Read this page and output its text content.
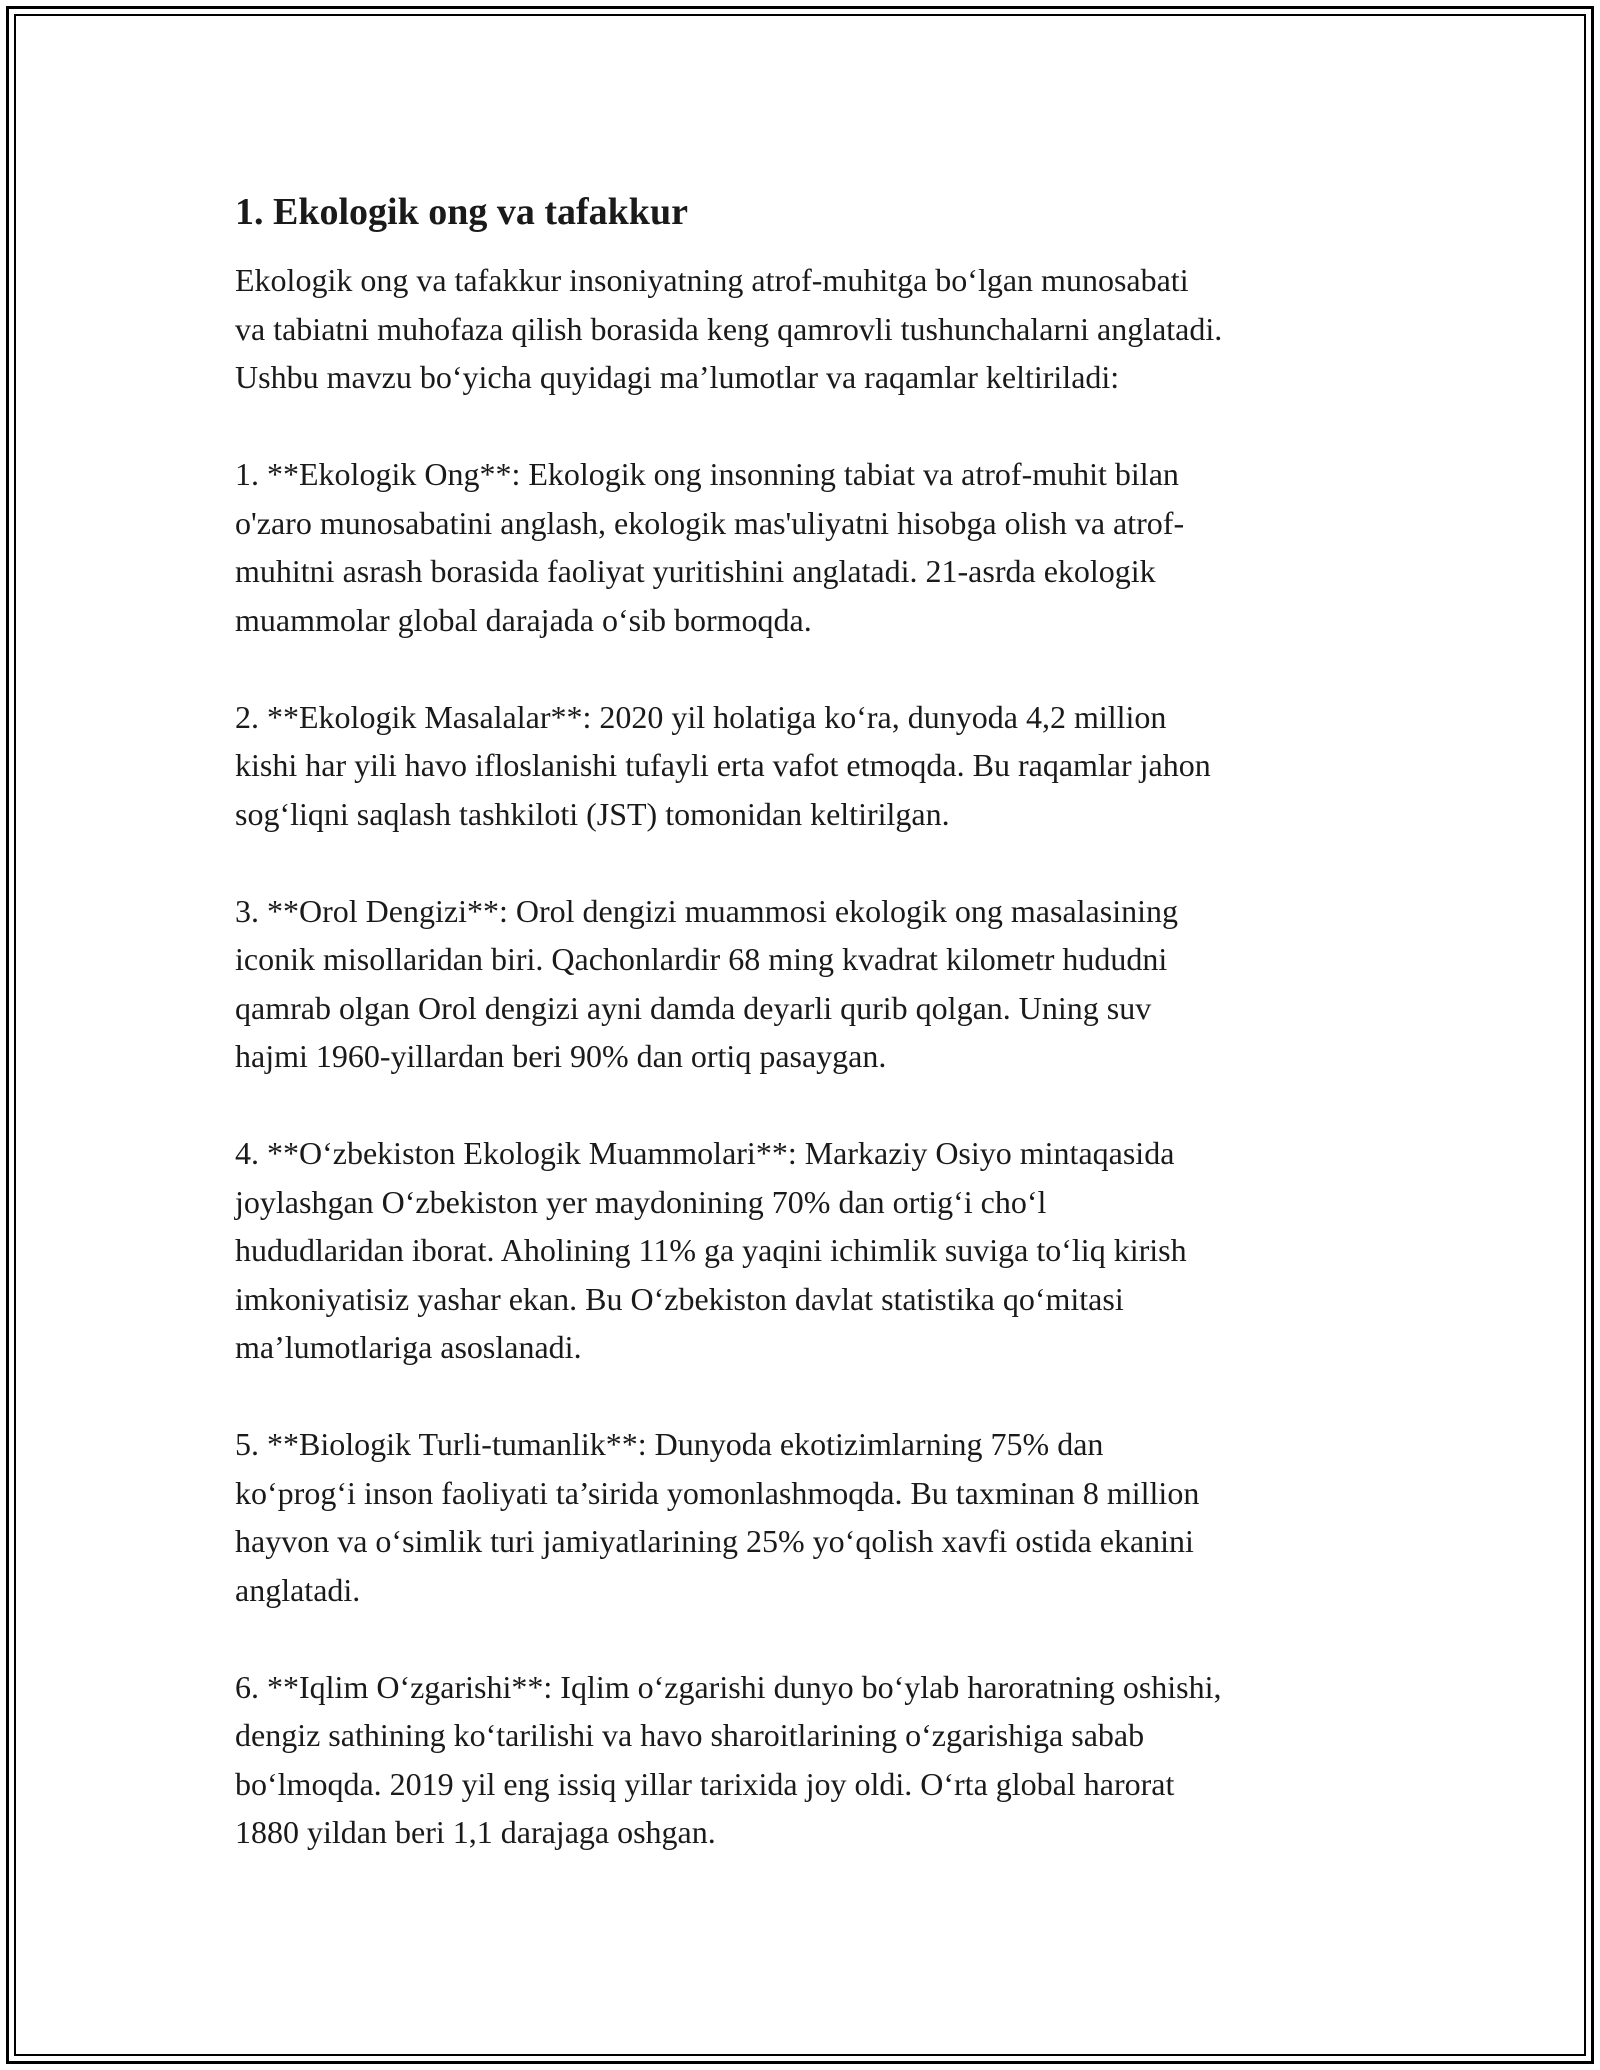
1. Ekologik ong va tafakkur

Ekologik ong va tafakkur insoniyatning atrof-muhitga bo‘lgan munosabati
va tabiatni muhofaza qilish borasida keng qamrovli tushunchalarni anglatadi.
Ushbu mavzu bo‘yicha quyidagi ma’lumotlar va raqamlar keltiriladi:

1. **Ekologik Ong**: Ekologik ong insonning tabiat va atrof-muhit bilan
o'zaro munosabatini anglash, ekologik mas'uliyatni hisobga olish va atrof-
muhitni asrash borasida faoliyat yuritishini anglatadi. 21-asrda ekologik
muammolar global darajada o‘sib bormoqda.

2. **Ekologik Masalalar**: 2020 yil holatiga ko‘ra, dunyoda 4,2 million
kishi har yili havo ifloslanishi tufayli erta vafot etmoqda. Bu raqamlar jahon
sog‘liqni saqlash tashkiloti (JST) tomonidan keltirilgan.

3. **Orol Dengizi**: Orol dengizi muammosi ekologik ong masalasining
iconik misollaridan biri. Qachonlardir 68 ming kvadrat kilometr hududni
qamrab olgan Orol dengizi ayni damda deyarli qurib qolgan. Uning suv
hajmi 1960-yillardan beri 90% dan ortiq pasaygan.

4. **O‘zbekiston Ekologik Muammolari**: Markaziy Osiyo mintaqasida
joylashgan O‘zbekiston yer maydonining 70% dan ortig‘i cho‘l
hududlaridan iborat. Aholining 11% ga yaqini ichimlik suviga to‘liq kirish
imkoniyatisiz yashar ekan. Bu O‘zbekiston davlat statistika qo‘mitasi
ma’lumotlariga asoslanadi.

5. **Biologik Turli-tumanlik**: Dunyoda ekotizimlarning 75% dan
ko‘prog‘i inson faoliyati ta’sirida yomonlashmoqda. Bu taxminan 8 million
hayvon va o‘simlik turi jamiyatlarining 25% yo‘qolish xavfi ostida ekanini
anglatadi.

6. **Iqlim O‘zgarishi**: Iqlim o‘zgarishi dunyo bo‘ylab haroratning oshishi,
dengiz sathining ko‘tarilishi va havo sharoitlarining o‘zgarishiga sabab
bo‘lmoqda. 2019 yil eng issiq yillar tarixida joy oldi. O‘rta global harorat
1880 yildan beri 1,1 darajaga oshgan.
